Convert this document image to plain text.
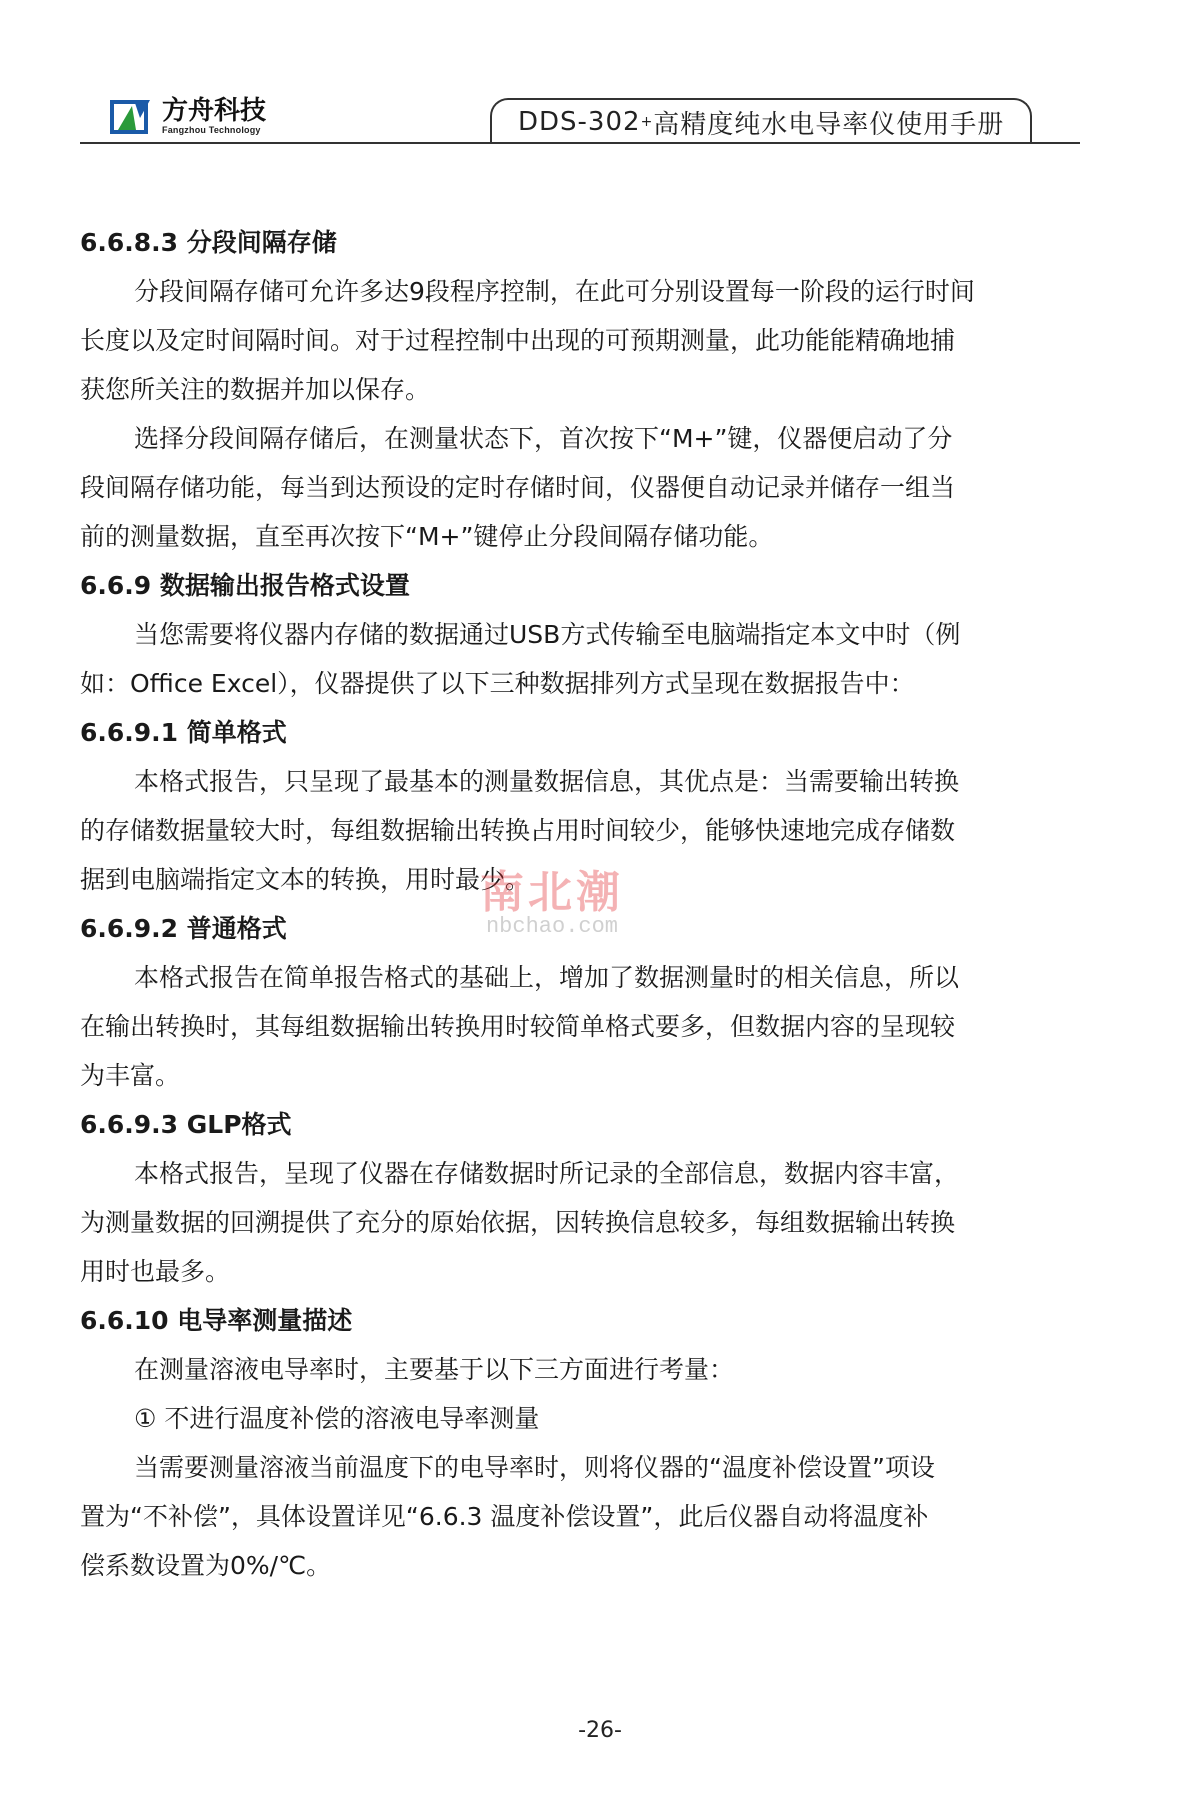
方舟科技
Fangzhou Technology	DDS-302 + 高精度纯水电导率仪使用手册
6.6.8.3 分段间隔存储
分段间隔存储可允许多达9段程序控制，在此可分别设置每一阶段的运行时间
长度以及定时间隔时间。对于过程控制中出现的可预期测量，此功能能精确地捕
获您所关注的数据并加以保存。
选择分段间隔存储后，在测量状态下，首次按下“M+”键，仪器便启动了分
段间隔存储功能，每当到达预设的定时存储时间，仪器便自动记录并储存一组当
前的测量数据，直至再次按下“M+”键停止分段间隔存储功能。
6.6.9 数据输出报告格式设置
当您需要将仪器内存储的数据通过USB方式传输至电脑端指定本文中时（例
如：Office Excel），仪器提供了以下三种数据排列方式呈现在数据报告中：
6.6.9.1 简单格式
本格式报告，只呈现了最基本的测量数据信息，其优点是：当需要输出转换
的存储数据量较大时，每组数据输出转换占用时间较少，能够快速地完成存储数
据到电脑端指定文本的转换，用时最少。
6.6.9.2 普通格式
本格式报告在简单报告格式的基础上，增加了数据测量时的相关信息，所以
在输出转换时，其每组数据输出转换用时较简单格式要多，但数据内容的呈现较
为丰富。
6.6.9.3 GLP格式
本格式报告，呈现了仪器在存储数据时所记录的全部信息，数据内容丰富，
为测量数据的回溯提供了充分的原始依据，因转换信息较多，每组数据输出转换
用时也最多。
6.6.10 电导率测量描述
在测量溶液电导率时，主要基于以下三方面进行考量：
① 不进行温度补偿的溶液电导率测量
当需要测量溶液当前温度下的电导率时，则将仪器的“温度补偿设置”项设
置为“不补偿”，具体设置详见“6.6.3 温度补偿设置”，此后仪器自动将温度补
偿系数设置为0%/℃。
南北潮
nbchao.com
-26-
